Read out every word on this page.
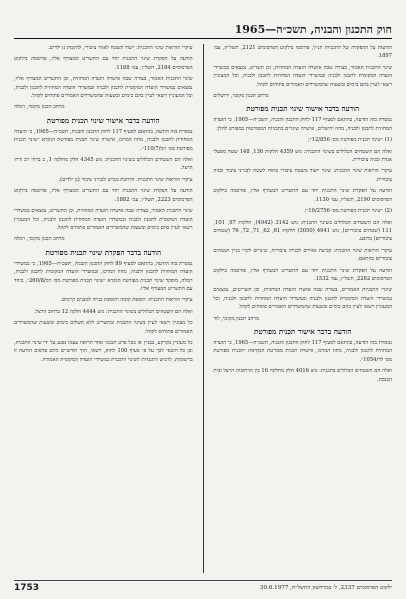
חוק התכנון והבניה, תשכ״ה—1965

הודעות על ההפקדה של התכניות הנ״ל, פורסמו בילקוט הפרסומים 2121, תשל״ה, עמ׳ 1897.

שינוי התכנית האמור, בצורה שבה אושרה הועדה המחוזית, וכן תשריט, נמצאים במשרדי הועדה המקומית לתכנון ולבניה ובמשרדי הועדה המחוזית לתכנון ולבניה, וכל המעוניין רשאי לעיין בהם בימים ובשעות שהמשרדים האמורים פתוחים לקהל.

מרחב תכנון מקומי, ירושלים

הודעה בדבר אישור שינוי תכנית מפורטת

נמסרת בזה הודעה, בהתאם לסעיף 117 לחוק התכנון והבניה, תשכ״ה—1965, כי הועדה המחוזית לתכנון ולבניה, מחוז ירושלים, אישרה שינויים בתכניות המפורטות כמפורט להלן:

(1) ״שינוי תכנית מפורטת מס׳ 12/856״;

ואלה הם השטחים הכלולים בשינוי התכנית: גוש 4359 חלקות 136, 148 שטח מפעלי אגדת ובניה ציבורית.

עיקרי הוראות שינוי התכנית: שינוי ייעוד משטח ציבורי פתוח לשטח לבנייני ציבור ובניה ציבורית.

הודעה על הפקדת שינוי התכנית יחד עם התשריט המצורף אליו, פורסמה בילקוט הפרסומים 2190, תשל״ו, עמ׳ 1130.

(2) ״שינוי תכנית מפורטת מס׳ 10/2756״;

ואלה הם השטחים הכלולים בשינוי התכנית: גוש 3142 (4942), חלקות 97, 101, 111 (שטחים ציבוריים), גוש 4941 (3050) חלקות 61, 62, 71, 72, 76 (שטחים ציבוריים) ברובע.

עיקרי הוראות שינוי התכנית: קביעת אזורים לבנייה ציבורית, שינויים לקויי בניין ושטחים ציבוריים בהתאם.

הודעה על הפקדת שינוי התכנית יחד עם התשריט המצורף אליו, פורסמה בילקוט הפרסומים 2262, תשל״ז, עמ׳ 1532.

שינויי התכניות האמורים, בצורה שבה אושרו הועדה המחוזית, וכן תשריטים, נמצאים במשרדי הועדה המקומית לתכנון ולבניה ובמשרדי הועדה המחוזית לתכנון ולבניה, וכל המעוניין רשאי לעיין בהם בימים ובשעות שהמשרדים האמורים פתוחים לקהל.

מרחב תכנון מקומי, לוד

הודעה בדבר אישור תכנית מפורטת

נמסרת בזה הודעה, בהתאם לסעיף 117 לחוק התכנון והבניה, תשכ״ה—1965, כי הועדה המחוזית לתכנון ולבניה, מחוז המרכז, אישרה תכנית מפורטת הנקראת ״תכנית מפורטת מס׳ לד/1054״.

ואלה הם השטחים הכלולים בתכנית: גוש 4016 חלק מחלקה 16 בין הרחובות הרצל ובית הכנסת.

עיקרי הוראות שינוי התכנית: ייעוד השטח לאזור ציבורי, להקמת גן ילדים.

הודעה על הפקדת שינוי התכנית יחד עם התשריט המצורף אליו, פורסמה בילקוט הפרסומים 2184, תשל״ו, עמ׳ 1188.

שינוי התכנית האמור, בצורה שבה אישרה הועדה המחוזית, וכן התשריט המצורף אליו, נמצאים במשרדי הועדה המקומית לתכנון ולבניה ובמשרדי הועדה המחוזית לתכנון ולבניה, וכל המעוניין רשאי לעיין בהם בימים ובשעות שהמשרדים האמורים פתוחים לקהל.

מרחב תכנון מקומי, רמלה

הודעה בדבר אישור שינוי תכנית מפורטת

נמסרת בזה הודעה, בהתאם לסעיף 117 לחוק התכנון והבניה, תשכ״ה—1965, כי הועדה המחוזית לתכנון ולבניה, מחוז המרכז, אישרה שינוי תכנית מפורטת הנקרא ״שינוי תכנית מפורטת מס׳ רמ/110/7״.

ואלה הם השטחים הכלולים בשינוי התכנית: גוש 4345 חלק מחלקה 1, ב ברח׳ רב ורח׳ הרצל.

עיקרי הוראות שינוי התכנית: הרחבת מגרש לבנייני ציבור (גן ילדים).

הודעה על הפקדת שינוי התכנית יחד עם התשריט המצורף אליו, פורסמה בילקוט הפרסומים 2223, תשל״ו, עמ׳ 1882.

שינוי התכנית האמור, בצורה שבה אושרה הועדה המחוזית, וכן התשריט, נמצאים במשרדי הועדה המקומית לתכנון ולבניה ובמשרדי הועדה המחוזית לתכנון ולבניה, וכל המעוניין רשאי לעיין בהם בימים ובשעות שהמשרדים האמורים פתוחים לקהל.

מרחב תכנון מקומי, רמלה

הודעה בדבר הפקדת שינוי תכנית מפורטת

נמסרת בזה הודעה, בהתאם לסעיף 89 לחוק התכנון והבניה, תשכ״ה—1965, כי במשרדי הועדה המחוזית לתכנון ולבניה, מחוז המרכז, ובמשרדי הועדה המקומית לתכנון ולבניה, רמלה, מופקד שינוי תכנית מפורטת הנקרא ״שינוי תכנית מפורטת מס׳ רמ/260/8״, ביחד עם התשריט המצורף אליו.

עיקרי הוראות התכנית: תוספת קומה ותוספת בנייה למבנים קיימים.

ואלה הם השטחים הכלולים בשינוי התכנית: גוש 4444 חלקה 12 ברחוב הרצל.

כל מעוניין רשאי לעיין בשינוי התכנית ובתשריט ללא תשלום בימים ובשעות שהמשרדים האמורים פתוחים לקהל.

כל מעוניין בקרקע, בבניין או בכל פרט תכנוני אחר הרואה עצמו נפגע על ידי שינוי התכנית, וכן כל הזכאי לכך על פי סעיף 100 לחוק, רשאי, תוך חודשיים מיום פרסום הודעה זו ברשומות, להגיש התנגדות לשינוי התכנית במשרדי הועדה המקומית האמורה.

ילקוט הפרסומים 2337, ל׳ במרחשון התשל״ח, 30.6.1977
1753
